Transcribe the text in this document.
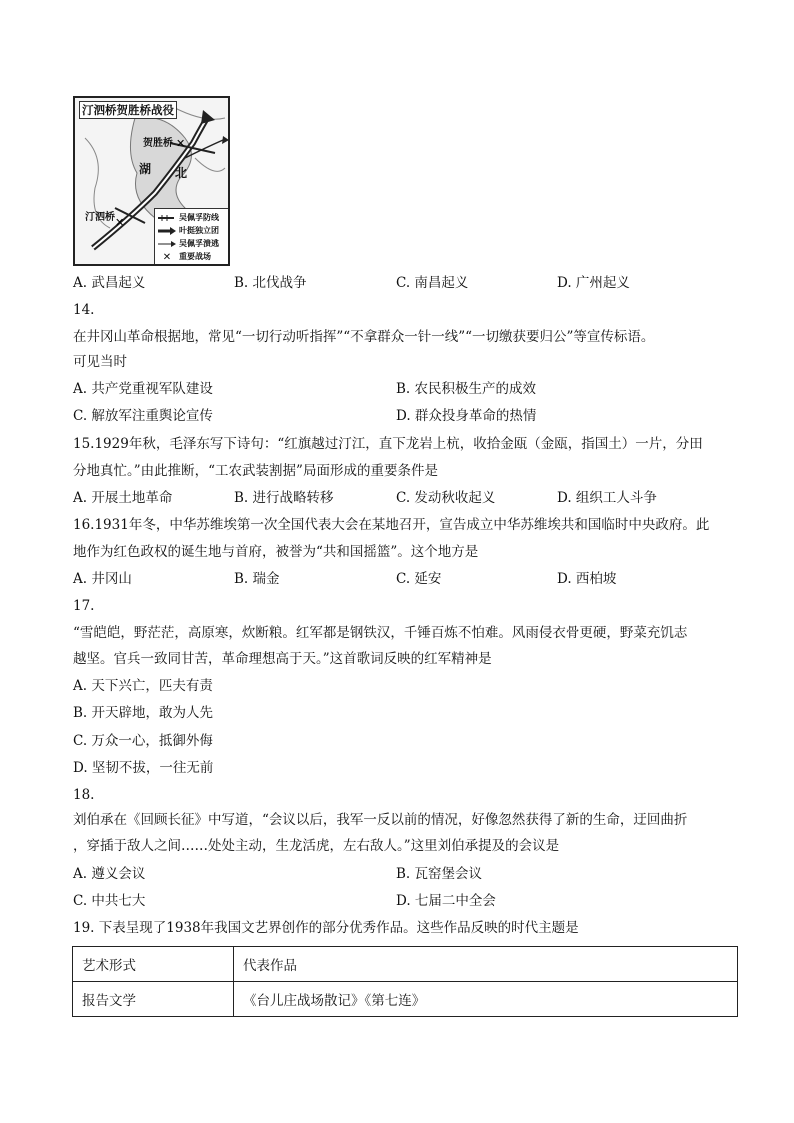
✕
✕
汀泗桥贺胜桥战役
贺胜桥
湖 北
汀泗桥	吴佩孚防线
叶挺独立团
吴佩孚溃逃
✕ 重要战场
A. 武昌起义	B. 北伐战争	C. 南昌起义	D. 广州起义
14.
在井冈山革命根据地，常见“一切行动听指挥”“不拿群众一针一线”“一切缴获要归公”等宣传标语。
可见当时
A. 共产党重视军队建设	B. 农民积极生产的成效
C. 解放军注重舆论宣传	D. 群众投身革命的热情
15.1929年秋，毛泽东写下诗句：“红旗越过汀江，直下龙岩上杭，收拾金瓯（金瓯，指国土）一片，分田
分地真忙。”由此推断，“工农武装割据”局面形成的重要条件是
A. 开展土地革命	B. 进行战略转移	C. 发动秋收起义	D. 组织工人斗争
16.1931年冬，中华苏维埃第一次全国代表大会在某地召开，宣告成立中华苏维埃共和国临时中央政府。此
地作为红色政权的诞生地与首府，被誉为“共和国摇篮”。这个地方是
A. 井冈山	B. 瑞金	C. 延安	D. 西柏坡
17.
“雪皑皑，野茫茫，高原寒，炊断粮。红军都是钢铁汉，千锤百炼不怕难。风雨侵衣骨更硬，野菜充饥志
越坚。官兵一致同甘苦，革命理想高于天。”这首歌词反映的红军精神是
A. 天下兴亡，匹夫有责
B. 开天辟地，敢为人先
C. 万众一心，抵御外侮
D. 坚韧不拔，一往无前
18.
刘伯承在《回顾长征》中写道，“会议以后，我军一反以前的情况，好像忽然获得了新的生命，迂回曲折
，穿插于敌人之间……处处主动，生龙活虎，左右敌人。”这里刘伯承提及的会议是
A. 遵义会议	B. 瓦窑堡会议
C. 中共七大	D. 七届二中全会
19. 下表呈现了1938年我国文艺界创作的部分优秀作品。这些作品反映的时代主题是
艺术形式	代表作品
报告文学	《台儿庄战场散记》《第七连》
